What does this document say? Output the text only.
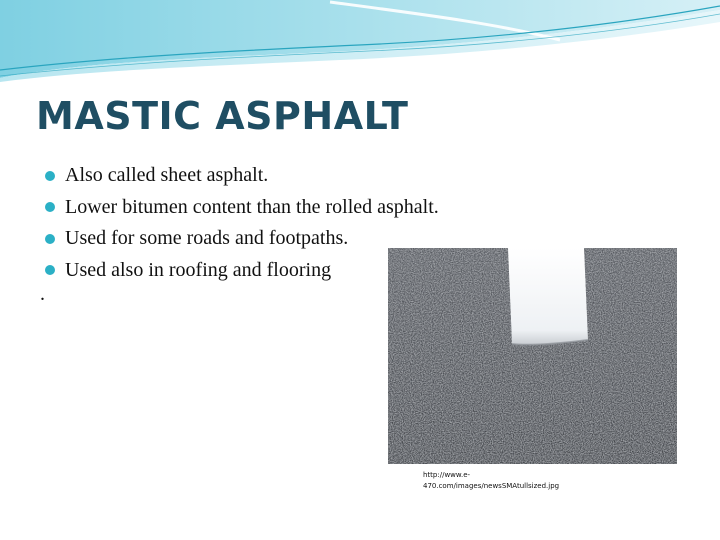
MASTIC ASPHALT
Also called sheet asphalt.
Lower bitumen content than the rolled asphalt.
Used for some roads and footpaths.
Used also in roofing and flooring
.
http://www.e-
470.com/images/newsSMAtullsized.jpg
